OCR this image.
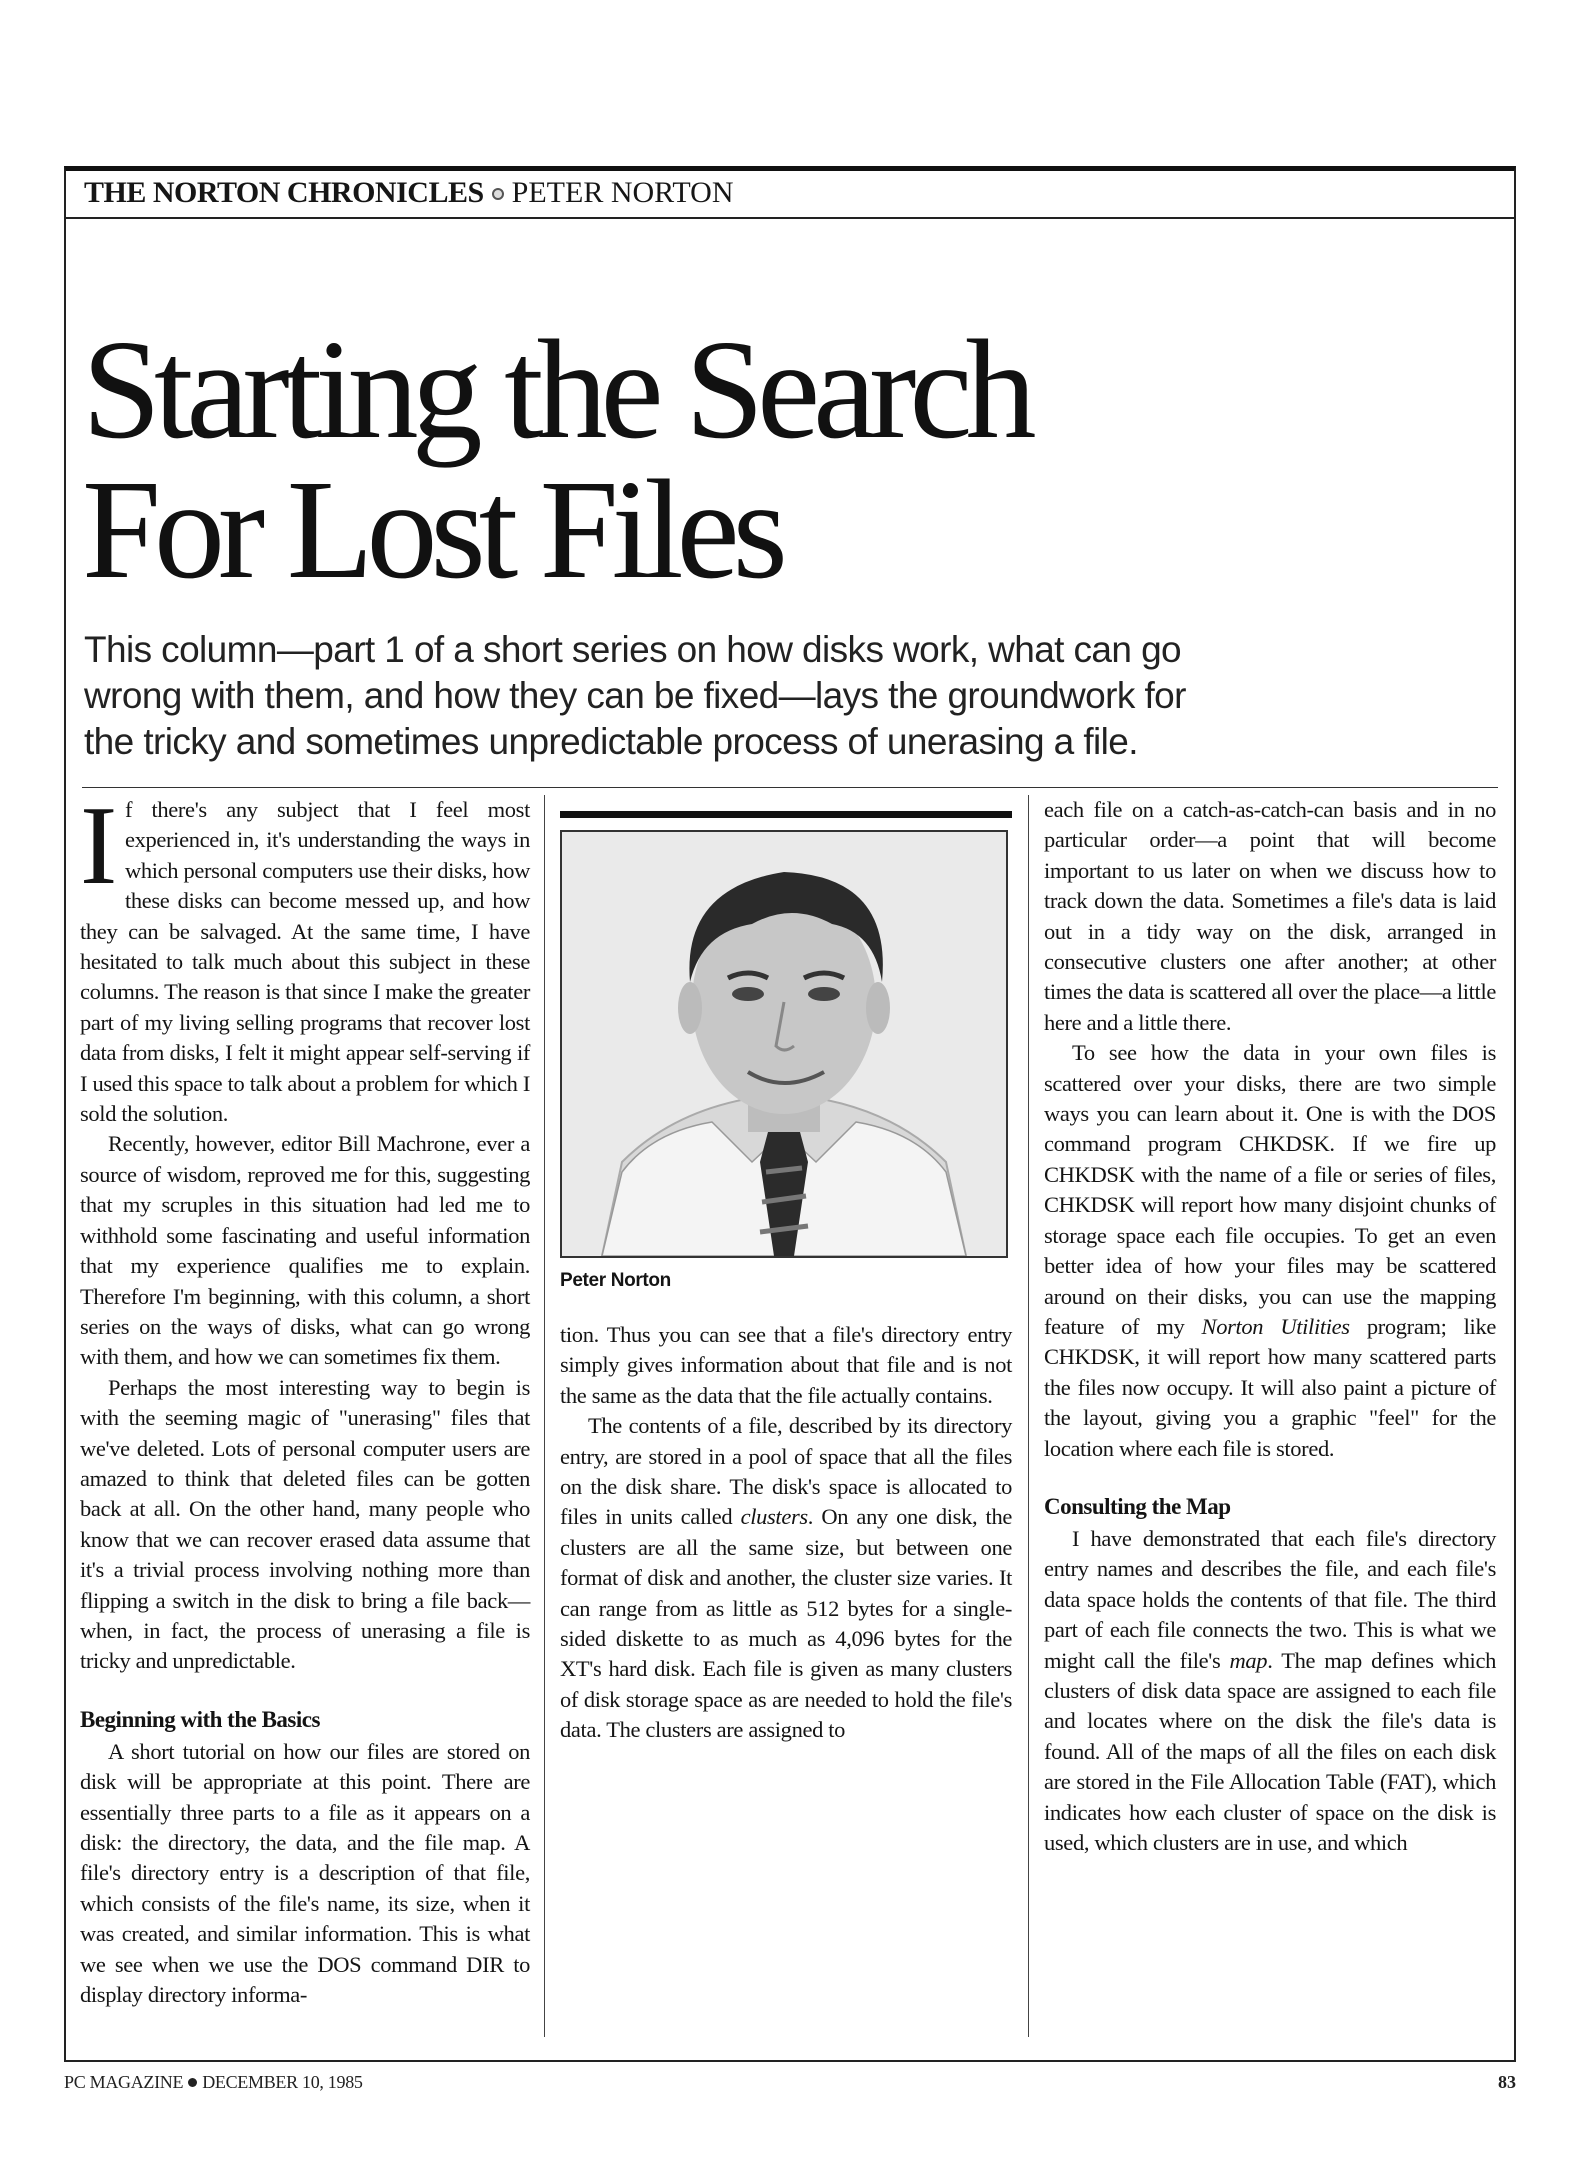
THE NORTON CHRONICLES PETER NORTON
Starting the Search
For Lost Files

This column—part 1 of a short series on how disks work, what can go
wrong with them, and how they can be fixed—lays the groundwork for
the tricky and sometimes unpredictable process of unerasing a file.

If there's any subject that I feel most experienced in, it's understanding the ways in which personal computers use their disks, how these disks can become messed up, and how they can be salvaged. At the same time, I have hesitated to talk much about this subject in these columns. The reason is that since I make the greater part of my living selling programs that recover lost data from disks, I felt it might appear self-serving if I used this space to talk about a problem for which I sold the solution.

Recently, however, editor Bill Machrone, ever a source of wisdom, reproved me for this, suggesting that my scruples in this situation had led me to withhold some fascinating and useful information that my experience qualifies me to explain. Therefore I'm beginning, with this column, a short series on the ways of disks, what can go wrong with them, and how we can sometimes fix them.

Perhaps the most interesting way to begin is with the seeming magic of "unerasing" files that we've deleted. Lots of personal computer users are amazed to think that deleted files can be gotten back at all. On the other hand, many people who know that we can recover erased data assume that it's a trivial process involving nothing more than flipping a switch in the disk to bring a file back—when, in fact, the process of unerasing a file is tricky and unpredictable.

Beginning with the Basics

A short tutorial on how our files are stored on disk will be appropriate at this point. There are essentially three parts to a file as it appears on a disk: the directory, the data, and the file map. A file's directory entry is a description of that file, which consists of the file's name, its size, when it was created, and similar information. This is what we see when we use the DOS command DIR to display directory informa-

Peter Norton

tion. Thus you can see that a file's directory entry simply gives information about that file and is not the same as the data that the file actually contains.

The contents of a file, described by its directory entry, are stored in a pool of space that all the files on the disk share. The disk's space is allocated to files in units called clusters. On any one disk, the clusters are all the same size, but between one format of disk and another, the cluster size varies. It can range from as little as 512 bytes for a single-sided diskette to as much as 4,096 bytes for the XT's hard disk. Each file is given as many clusters of disk storage space as are needed to hold the file's data. The clusters are assigned to

each file on a catch-as-catch-can basis and in no particular order—a point that will become important to us later on when we discuss how to track down the data. Sometimes a file's data is laid out in a tidy way on the disk, arranged in consecutive clusters one after another; at other times the data is scattered all over the place—a little here and a little there.

To see how the data in your own files is scattered over your disks, there are two simple ways you can learn about it. One is with the DOS command program CHKDSK. If we fire up CHKDSK with the name of a file or series of files, CHKDSK will report how many disjoint chunks of storage space each file occupies. To get an even better idea of how your files may be scattered around on their disks, you can use the mapping feature of my Norton Utilities program; like CHKDSK, it will report how many scattered parts the files now occupy. It will also paint a picture of the layout, giving you a graphic "feel" for the location where each file is stored.

Consulting the Map

I have demonstrated that each file's directory entry names and describes the file, and each file's data space holds the contents of that file. The third part of each file connects the two. This is what we might call the file's map. The map defines which clusters of disk data space are assigned to each file and locates where on the disk the file's data is found. All of the maps of all the files on each disk are stored in the File Allocation Table (FAT), which indicates how each cluster of space on the disk is used, which clusters are in use, and which

PC MAGAZINE DECEMBER 10, 1985	83
